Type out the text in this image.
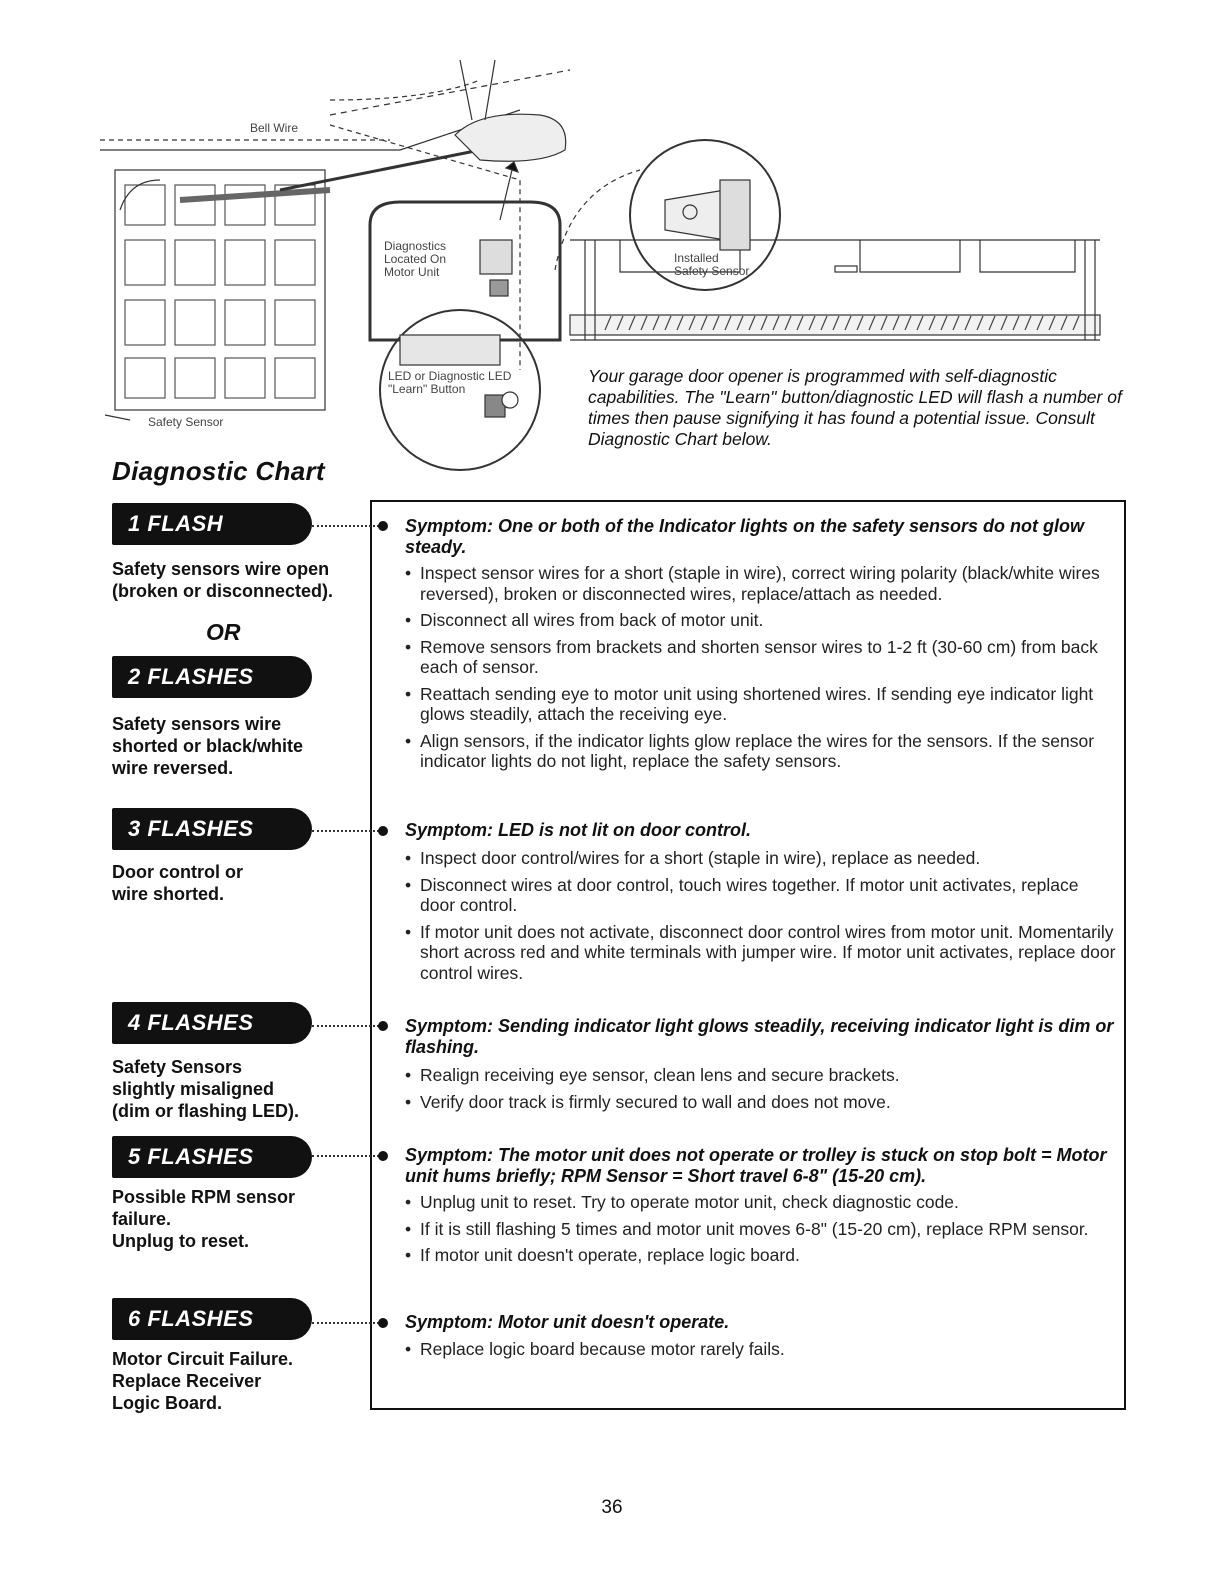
Bell Wire
Diagnostics
Located On
Motor Unit
LED or Diagnostic LED
"Learn" Button
Safety Sensor
Installed
Safety Sensor

Your garage door opener is programmed with self-diagnostic capabilities. The "Learn" button/diagnostic LED will flash a number of times then pause signifying it has found a potential issue. Consult Diagnostic Chart below.

Diagnostic Chart
1 FLASH

Safety sensors wire open
(broken or disconnected).

OR

2 FLASHES

Safety sensors wire
shorted or black/white
wire reversed.

3 FLASHES

Door control or
wire shorted.

4 FLASHES

Safety Sensors
slightly misaligned
(dim or flashing LED).

5 FLASHES

Possible RPM sensor
failure.
Unplug to reset.

6 FLASHES

Motor Circuit Failure.
Replace Receiver
Logic Board.

Symptom: One or both of the Indicator lights on the safety sensors do not glow steady.

• Inspect sensor wires for a short (staple in wire), correct wiring polarity (black/white wires reversed), broken or disconnected wires, replace/attach as needed.
• Disconnect all wires from back of motor unit.
• Remove sensors from brackets and shorten sensor wires to 1-2 ft (30-60 cm) from back each of sensor.
• Reattach sending eye to motor unit using shortened wires. If sending eye indicator light glows steadily, attach the receiving eye.
• Align sensors, if the indicator lights glow replace the wires for the sensors. If the sensor indicator lights do not light, replace the safety sensors.

Symptom: LED is not lit on door control.

• Inspect door control/wires for a short (staple in wire), replace as needed.
• Disconnect wires at door control, touch wires together. If motor unit activates, replace door control.
• If motor unit does not activate, disconnect door control wires from motor unit. Momentarily short across red and white terminals with jumper wire. If motor unit activates, replace door control wires.

Symptom: Sending indicator light glows steadily, receiving indicator light is dim or flashing.

• Realign receiving eye sensor, clean lens and secure brackets.
• Verify door track is firmly secured to wall and does not move.

Symptom: The motor unit does not operate or trolley is stuck on stop bolt = Motor unit hums briefly; RPM Sensor = Short travel 6-8" (15-20 cm).

• Unplug unit to reset. Try to operate motor unit, check diagnostic code.
• If it is still flashing 5 times and motor unit moves 6-8" (15-20 cm), replace RPM sensor.
• If motor unit doesn't operate, replace logic board.

Symptom: Motor unit doesn't operate.

• Replace logic board because motor rarely fails.

36
